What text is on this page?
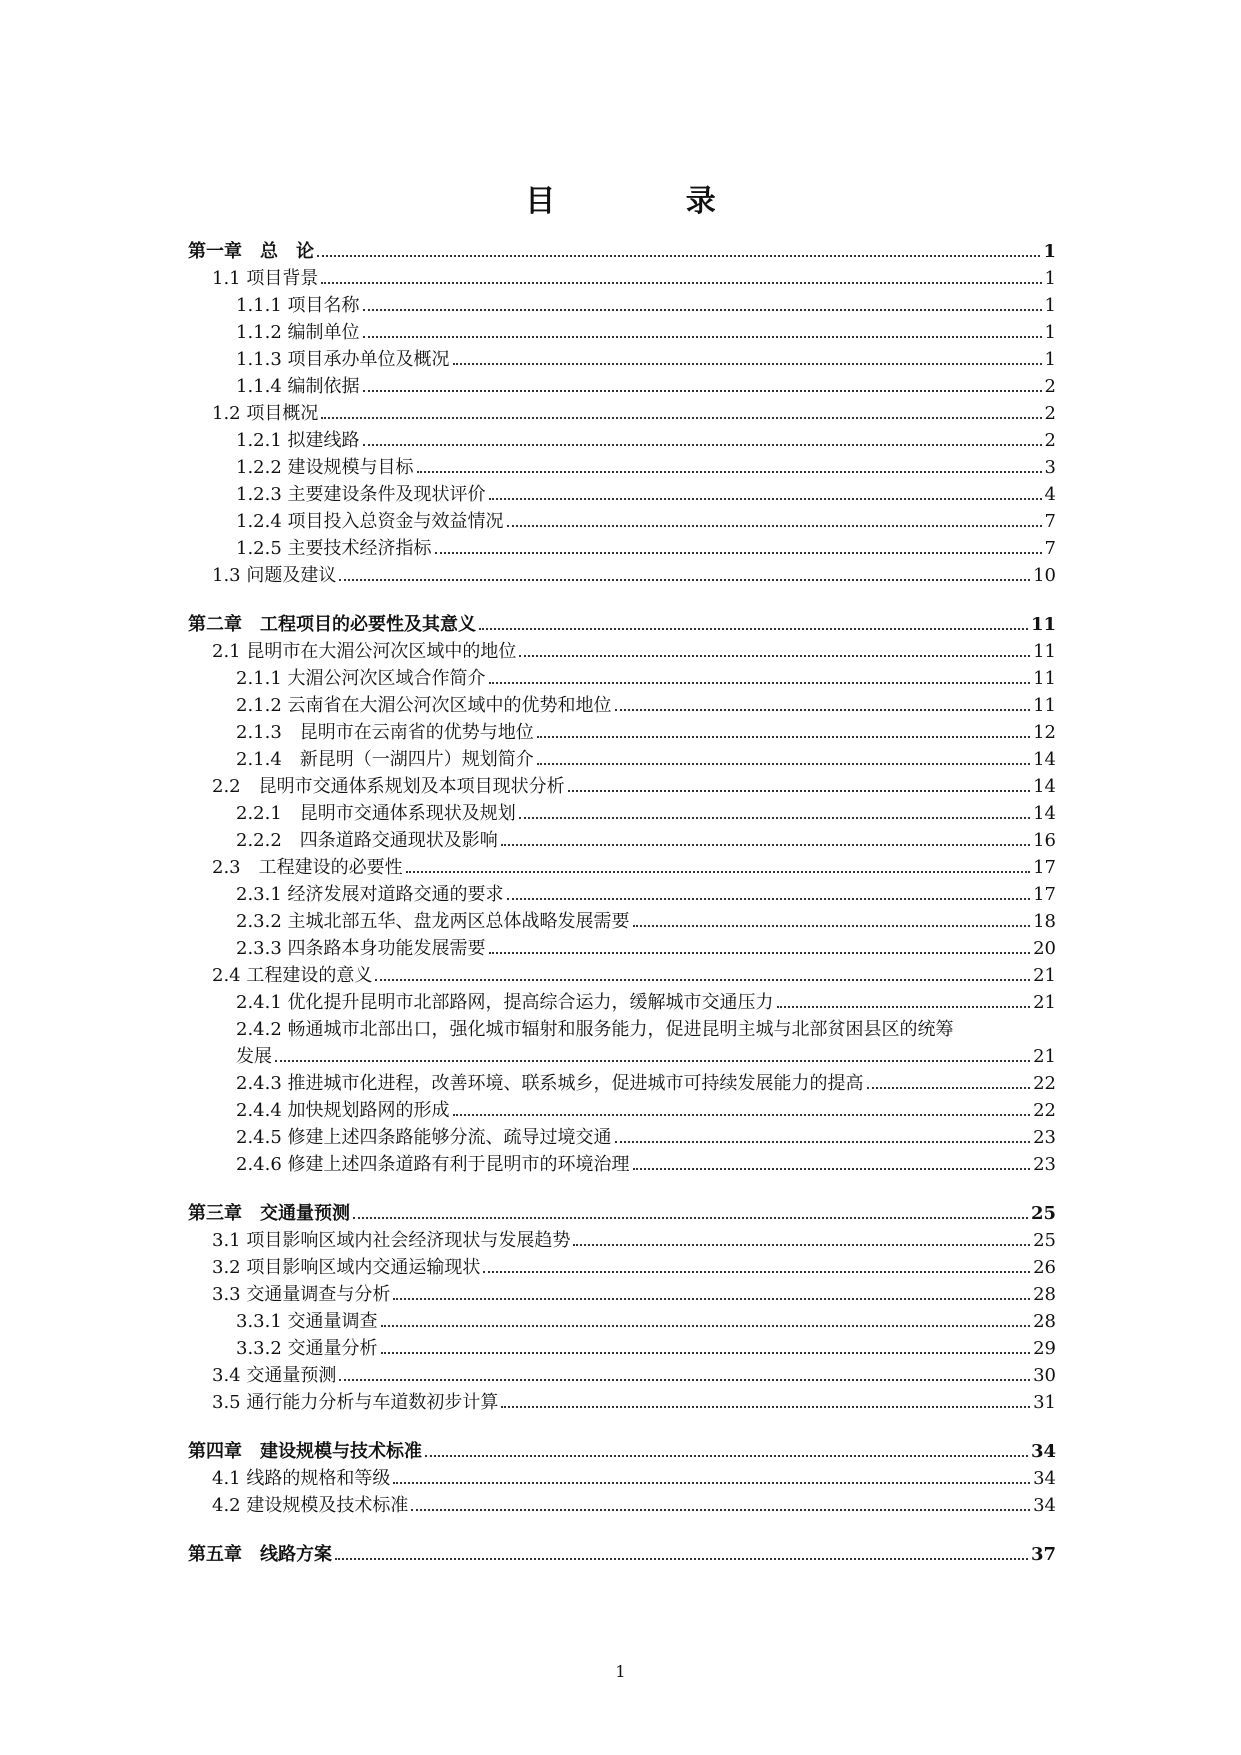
目 录
第一章　总　论	1
1.1 项目背景	1
1.1.1 项目名称	1
1.1.2 编制单位	1
1.1.3 项目承办单位及概况	1
1.1.4 编制依据	2
1.2 项目概况	2
1.2.1 拟建线路	2
1.2.2 建设规模与目标	3
1.2.3 主要建设条件及现状评价	4
1.2.4 项目投入总资金与效益情况	7
1.2.5 主要技术经济指标	7
1.3 问题及建议	10
第二章　工程项目的必要性及其意义	11
2.1 昆明市在大湄公河次区域中的地位	11
2.1.1 大湄公河次区域合作简介	11
2.1.2 云南省在大湄公河次区域中的优势和地位	11
2.1.3　昆明市在云南省的优势与地位	12
2.1.4　新昆明（一湖四片）规划简介	14
2.2　昆明市交通体系规划及本项目现状分析	14
2.2.1　昆明市交通体系现状及规划	14
2.2.2　四条道路交通现状及影响	16
2.3　工程建设的必要性	17
2.3.1 经济发展对道路交通的要求	17
2.3.2 主城北部五华、盘龙两区总体战略发展需要	18
2.3.3 四条路本身功能发展需要	20
2.4 工程建设的意义	21
2.4.1 优化提升昆明市北部路网，提高综合运力，缓解城市交通压力	21
2.4.2 畅通城市北部出口，强化城市辐射和服务能力，促进昆明主城与北部贫困县区的统筹
发展	21
2.4.3 推进城市化进程，改善环境、联系城乡，促进城市可持续发展能力的提高	22
2.4.4 加快规划路网的形成	22
2.4.5 修建上述四条路能够分流、疏导过境交通	23
2.4.6 修建上述四条道路有利于昆明市的环境治理	23
第三章　交通量预测	25
3.1 项目影响区域内社会经济现状与发展趋势	25
3.2 项目影响区域内交通运输现状	26
3.3 交通量调查与分析	28
3.3.1 交通量调查	28
3.3.2 交通量分析	29
3.4 交通量预测	30
3.5 通行能力分析与车道数初步计算	31
第四章　建设规模与技术标准	34
4.1 线路的规格和等级	34
4.2 建设规模及技术标准	34
第五章　线路方案	37
1
